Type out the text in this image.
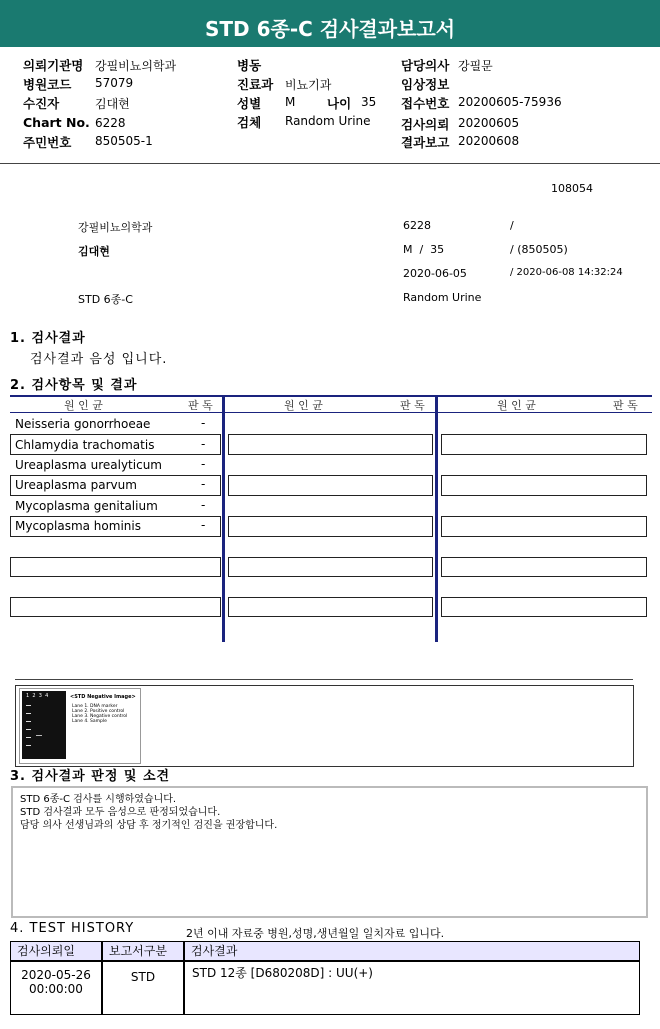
STD 6종-C 검사결과보고서
의뢰기관명 강필비뇨의학과
병원코드 57079
수진자	김대현
Chart No. 6228
주민번호 850505-1
병동
진료과 비뇨기과
성별 M	나이 35
검체 Random Urine
담당의사 강필문
임상정보
접수번호 20200605-75936
검사의뢰 20200605
결과보고 20200608
108054
강필비뇨의학과	6228	/
김대현	M  /  35	/ (850505)
2020-06-05	/ 2020-06-08 14:32:24
STD 6종-C	Random Urine
1. 검사결과
검사결과 음성 입니다.
2. 검사항목 및 결과
원 인 균	판 독	원 인 균	판 독	원 인 균	판 독
Neisseria gonorrhoeae	-
Chlamydia trachomatis	-
Ureaplasma urealyticum	-
Ureaplasma parvum	-
Mycoplasma genitalium	-
Mycoplasma hominis	-
1  2  3  4	<STD Negative Image>
Lane 1. DNA marker
Lane 2. Positive control
Lane 3. Negative control
Lane 4. Sample
3. 검사결과 판정 및 소견
STD 6종-C 검사를 시행하였습니다.
STD 검사결과 모두 음성으로 판정되었습니다.
담당 의사 선생님과의 상담 후 정기적인 검진을 권장합니다.
4. TEST HISTORY	2년 이내 자료중 병원,성명,생년월일 일치자료 입니다.
검사의뢰일	보고서구분	검사결과
2020-05-26
00:00:00
STD	STD 12종 [D680208D] : UU(+)
